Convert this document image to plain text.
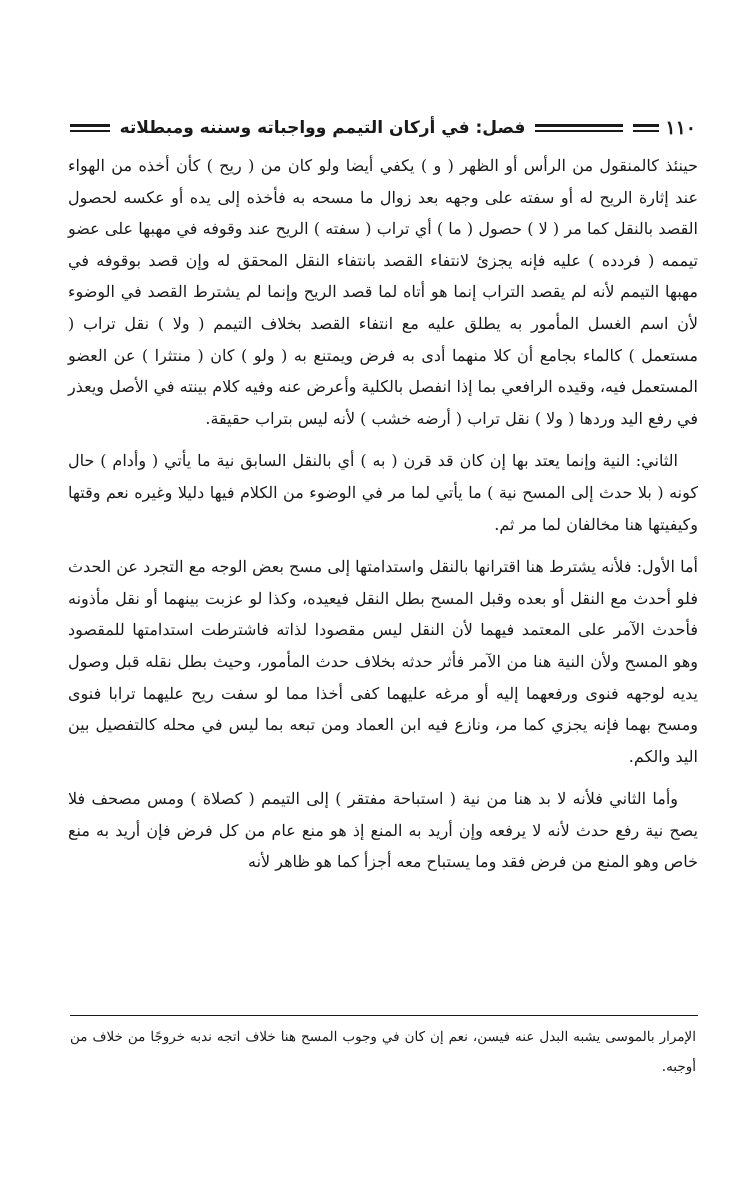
١١٠
فصل: في أركان التيمم وواجباته وسننه ومبطلاته

حينئذ كالمنقول من الرأس أو الظهر ( و ) يكفي أيضا ولو كان من ( ريح ) كأن أخذه من الهواء عند إثارة الريح له أو سفته على وجهه بعد زوال ما مسحه به فأخذه إلى يده أو عكسه لحصول القصد بالنقل كما مر ( لا ) حصول ( ما ) أي تراب ( سفته ) الريح عند وقوفه في مهبها على عضو تيممه ( فردده ) عليه فإنه يجزئ لانتفاء القصد بانتفاء النقل المحقق له وإن قصد بوقوفه في مهبها التيمم لأنه لم يقصد التراب إنما هو أتاه لما قصد الريح وإنما لم يشترط القصد في الوضوء لأن اسم الغسل المأمور به يطلق عليه مع انتفاء القصد بخلاف التيمم ( ولا ) نقل تراب ( مستعمل ) كالماء بجامع أن كلا منهما أدى به فرض ويمتنع به ( ولو ) كان ( منتثرا ) عن العضو المستعمل فيه، وقيده الرافعي بما إذا انفصل بالكلية وأعرض عنه وفيه كلام بينته في الأصل ويعذر في رفع اليد وردها ( ولا ) نقل تراب ( أرضه خشب ) لأنه ليس بتراب حقيقة.

الثاني: النية وإنما يعتد بها إن كان قد قرن ( به ) أي بالنقل السابق نية ما يأتي ( وأدام ) حال كونه ( بلا حدث إلى المسح نية ) ما يأتي لما مر في الوضوء من الكلام فيها دليلا وغيره نعم وقتها وكيفيتها هنا مخالفان لما مر ثم.

أما الأول: فلأنه يشترط هنا اقترانها بالنقل واستدامتها إلى مسح بعض الوجه مع التجرد عن الحدث فلو أحدث مع النقل أو بعده وقبل المسح بطل النقل فيعيده، وكذا لو عزبت بينهما أو نقل مأذونه فأحدث الآمر على المعتمد فيهما لأن النقل ليس مقصودا لذاته فاشترطت استدامتها للمقصود وهو المسح ولأن النية هنا من الآمر فأثر حدثه بخلاف حدث المأمور، وحيث بطل نقله قبل وصول يديه لوجهه فنوى ورفعهما إليه أو مرغه عليهما كفى أخذا مما لو سفت ريح عليهما ترابا فنوى ومسح بهما فإنه يجزي كما مر، ونازع فيه ابن العماد ومن تبعه بما ليس في محله كالتفصيل بين اليد والكم.

وأما الثاني فلأنه لا بد هنا من نية ( استباحة مفتقر ) إلى التيمم ( كصلاة ) ومس مصحف فلا يصح نية رفع حدث لأنه لا يرفعه وإن أريد به المنع إذ هو منع عام من كل فرض فإن أريد به منع خاص وهو المنع من فرض فقد وما يستباح معه أجزأ كما هو ظاهر لأنه

الإمرار بالموسى يشبه البدل عنه فيسن، نعم إن كان في وجوب المسح هنا خلاف اتجه ندبه خروجًا من خلاف من أوجبه.
